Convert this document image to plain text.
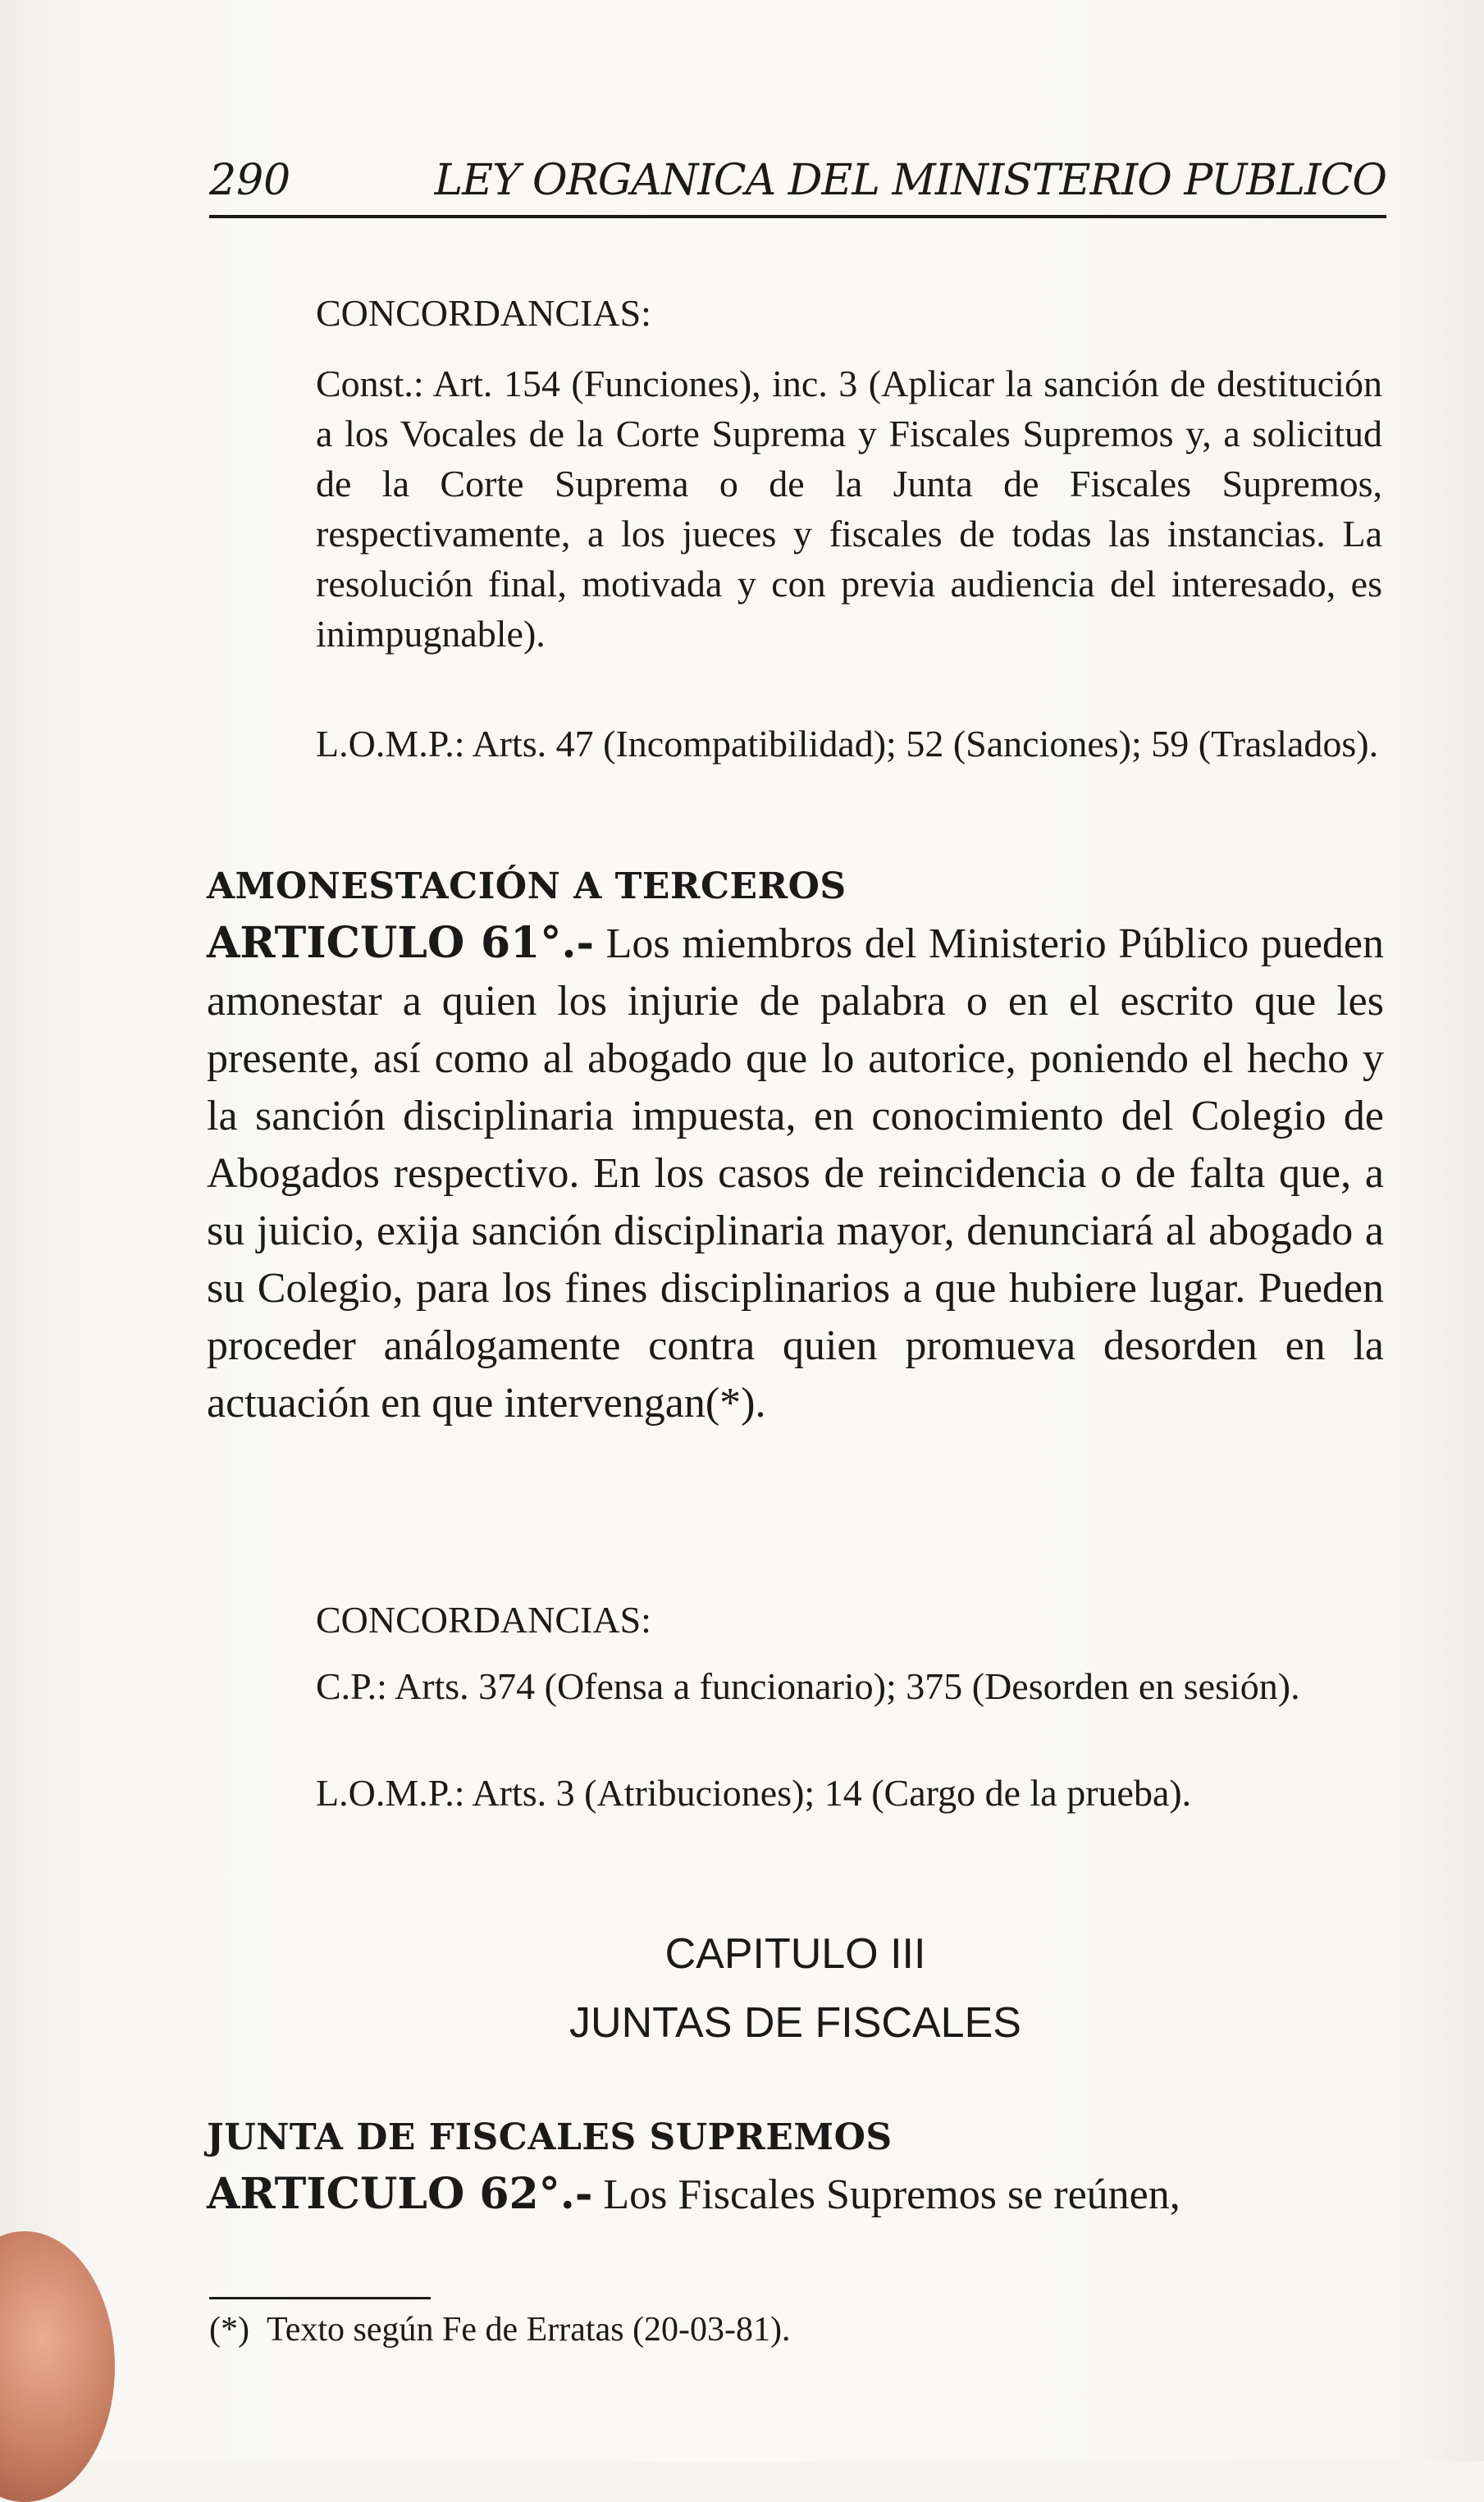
290	LEY ORGANICA DEL MINISTERIO PUBLICO
CONCORDANCIAS:
Const.: Art. 154 (Funciones), inc. 3 (Aplicar la sanción de destitución a los Vocales de la Corte Suprema y Fiscales Supremos y, a solicitud de la Corte Suprema o de la Junta de Fiscales Supremos, respectivamente, a los jueces y fiscales de todas las instancias. La resolución final, motivada y con previa audiencia del interesado, es inimpugnable).
L.O.M.P.: Arts. 47 (Incompatibilidad); 52 (Sanciones); 59 (Traslados).
AMONESTACIÓN A TERCEROS
ARTICULO 61°.- Los miembros del Ministerio Público pueden amonestar a quien los injurie de palabra o en el escrito que les presente, así como al abogado que lo autorice, poniendo el hecho y la sanción disciplinaria impuesta, en conocimiento del Colegio de Abogados respectivo. En los casos de reincidencia o de falta que, a su juicio, exija sanción disciplinaria mayor, denunciará al abogado a su Colegio, para los fines disciplinarios a que hubiere lugar. Pueden proceder análogamente contra quien promueva desorden en la actuación en que intervengan(*).
CONCORDANCIAS:
C.P.: Arts. 374 (Ofensa a funcionario); 375 (Desorden en sesión).
L.O.M.P.: Arts. 3 (Atribuciones); 14 (Cargo de la prueba).
CAPITULO III
JUNTAS DE FISCALES
JUNTA DE FISCALES SUPREMOS
ARTICULO 62°.- Los Fiscales Supremos se reúnen,
(*) Texto según Fe de Erratas (20-03-81).
